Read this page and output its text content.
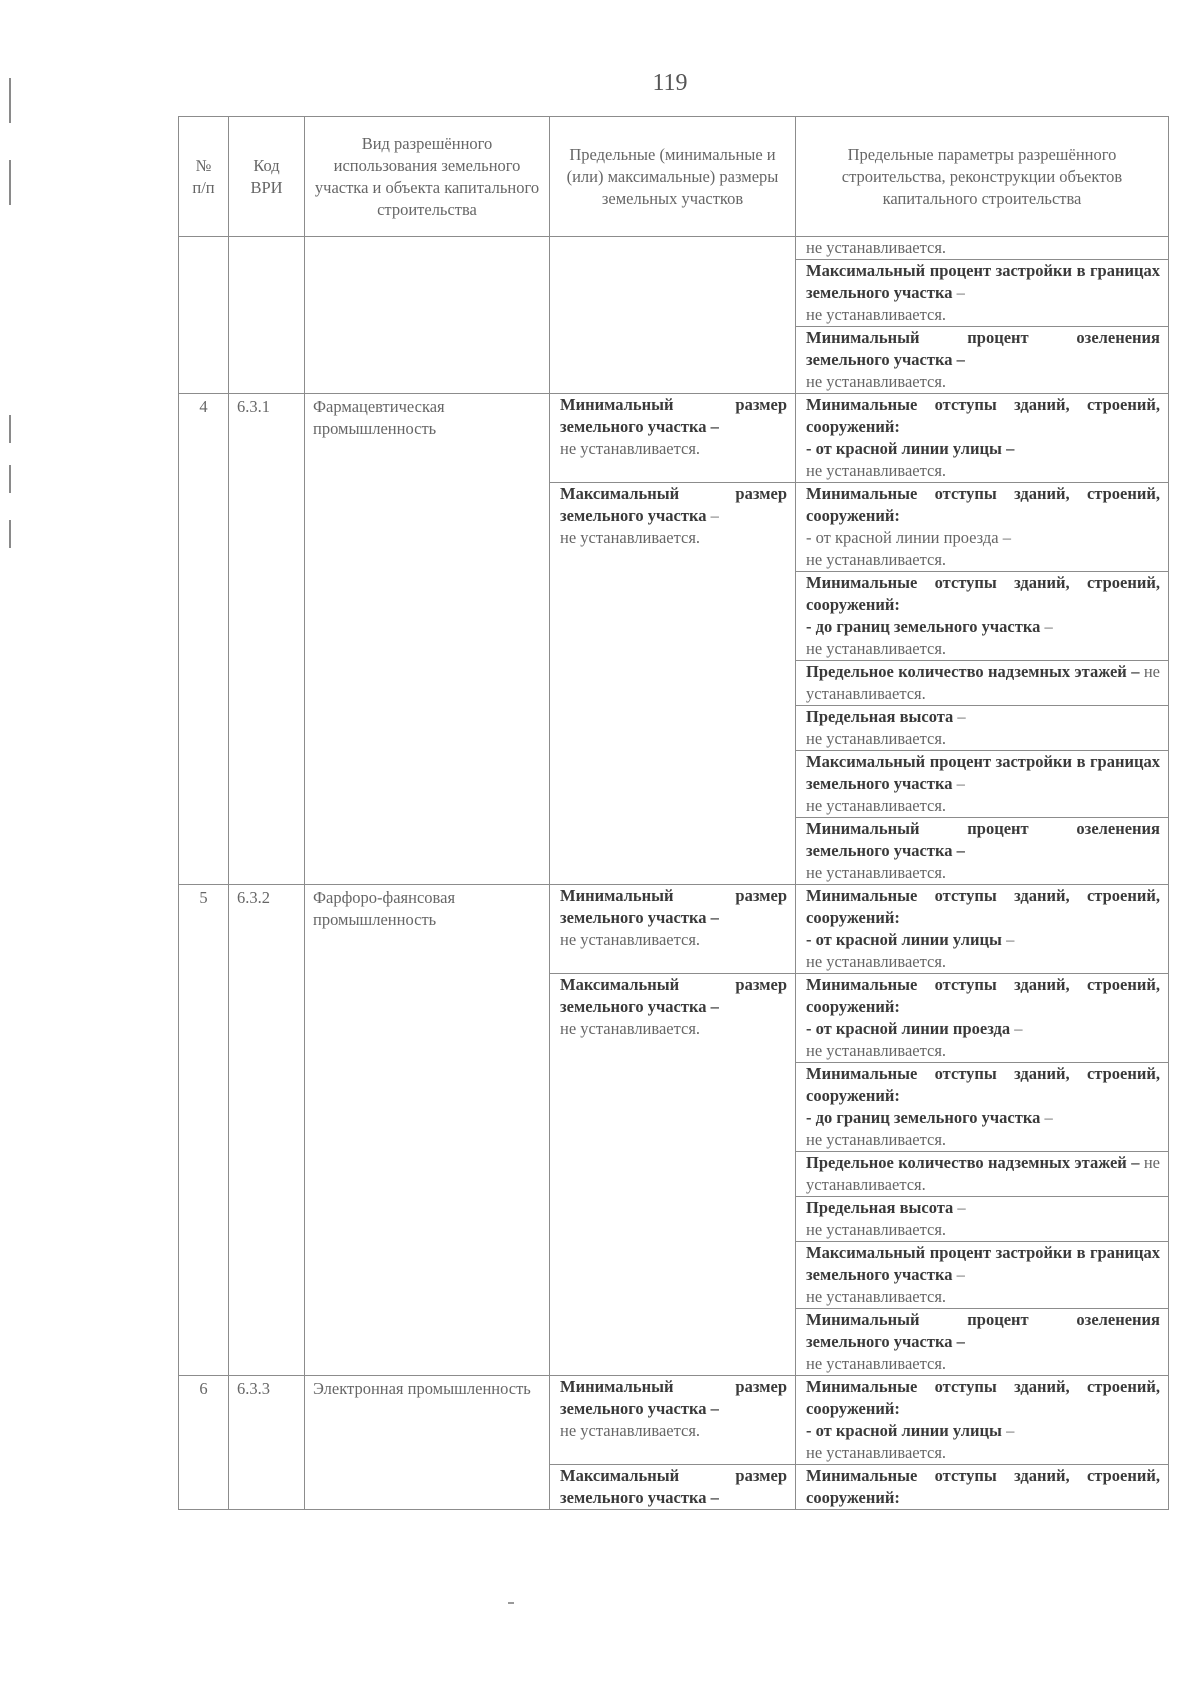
119
№ п/п	Код ВРИ	Вид разрешённого использования земельного участка и объекта капитального строительства	Предельные (минимальные и (или) максимальные) размеры земельных участков	Предельные параметры разрешённого строительства, реконструкции объектов капитального строительства
				не устанавливается.
				Максимальный процент застройки в границах земельного участка –
не устанавливается.
				Минимальный процент озеленения земельного участка –
не устанавливается.
4	6.3.1	Фармацевтическая промышленность	Минимальный размер земельного участка –
не устанавливается.	Минимальные отступы зданий, строений, сооружений:
- от красной линии улицы –
не устанавливается.
			Максимальный размер земельного участка –
не устанавливается.	Минимальные отступы зданий, строений, сооружений:
- от красной линии проезда –
не устанавливается.
				Минимальные отступы зданий, строений, сооружений:
- до границ земельного участка –
не устанавливается.
				Предельное количество надземных этажей – не устанавливается.
				Предельная высота –
не устанавливается.
				Максимальный процент застройки в границах земельного участка –
не устанавливается.
				Минимальный процент озеленения земельного участка –
не устанавливается.
5	6.3.2	Фарфоро-фаянсовая промышленность	Минимальный размер земельного участка –
не устанавливается.	Минимальные отступы зданий, строений, сооружений:
- от красной линии улицы –
не устанавливается.
			Максимальный размер земельного участка –
не устанавливается.	Минимальные отступы зданий, строений, сооружений:
- от красной линии проезда –
не устанавливается.
				Минимальные отступы зданий, строений, сооружений:
- до границ земельного участка –
не устанавливается.
				Предельное количество надземных этажей – не устанавливается.
				Предельная высота –
не устанавливается.
				Максимальный процент застройки в границах земельного участка –
не устанавливается.
				Минимальный процент озеленения земельного участка –
не устанавливается.
6	6.3.3	Электронная промышленность	Минимальный размер земельного участка –
не устанавливается.	Минимальные отступы зданий, строений, сооружений:
- от красной линии улицы –
не устанавливается.
			Максимальный размер земельного участка –	Минимальные отступы зданий, строений, сооружений:
